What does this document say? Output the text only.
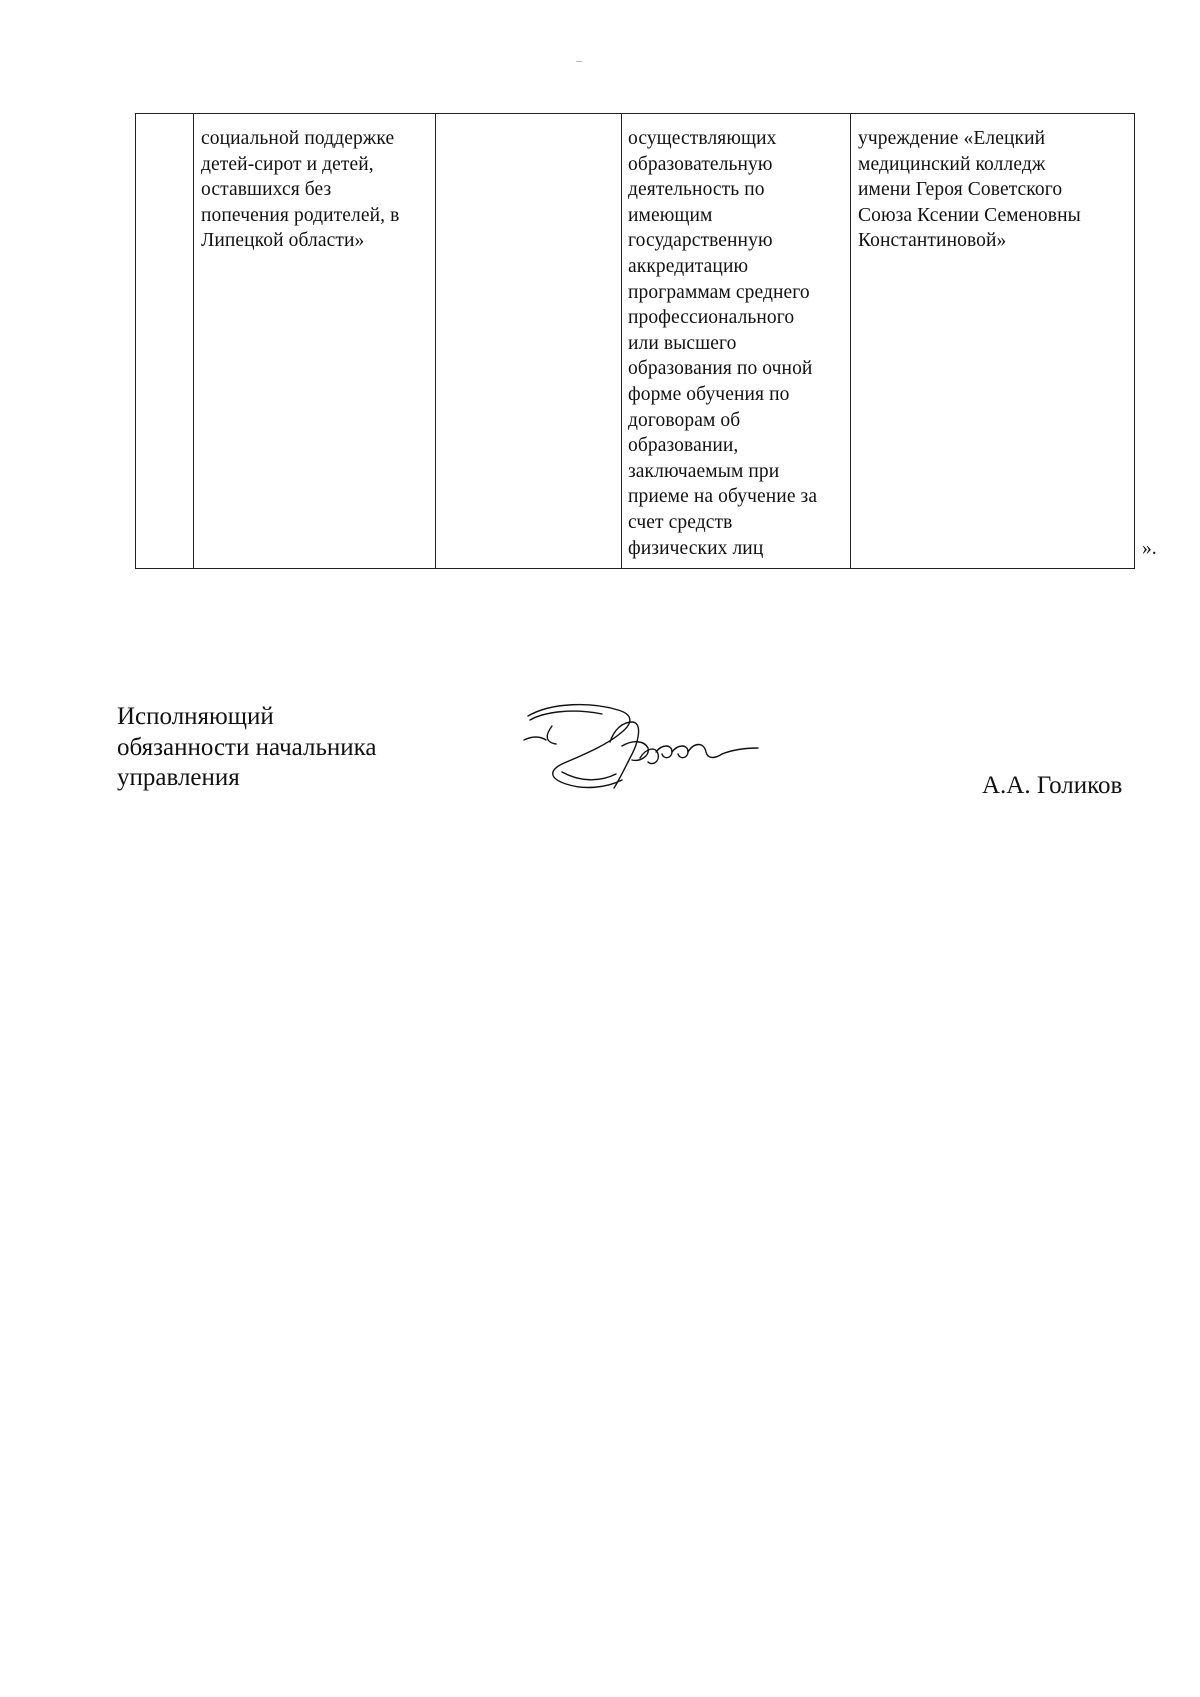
социальной поддержке
детей-сирот и детей,
оставшихся без
попечения родителей, в
Липецкой области»
осуществляющих
образовательную
деятельность по
имеющим
государственную
аккредитацию
программам среднего
профессионального
или высшего
образования по очной
форме обучения по
договорам об
образовании,
заключаемым при
приеме на обучение за
счет средств
физических лиц
учреждение «Елецкий
медицинский колледж
имени Героя Советского
Союза Ксении Семеновны
Константиновой»
».
Исполняющий
обязанности начальника
управления	А.А. Голиков
